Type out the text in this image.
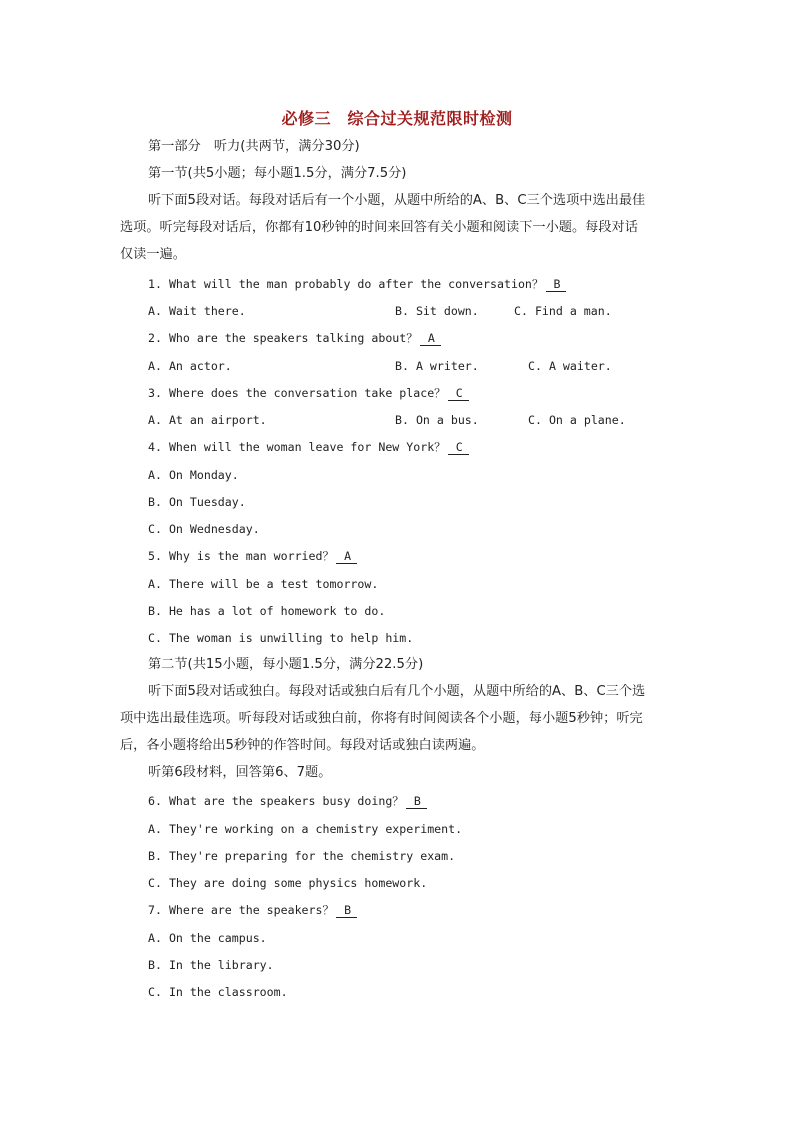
必修三　综合过关规范限时检测
第一部分　听力(共两节，满分30分)
第一节(共5小题；每小题1.5分，满分7.5分)
听下面5段对话。每段对话后有一个小题，从题中所给的A、B、C三个选项中选出最佳
选项。听完每段对话后，你都有10秒钟的时间来回答有关小题和阅读下一小题。每段对话
仅读一遍。
1. What will the man probably do after the conversation？ B
A. Wait there.	B. Sit down.	C. Find a man.
2. Who are the speakers talking about？ A
A. An actor.	B. A writer.	C. A waiter.
3. Where does the conversation take place？ C
A. At an airport.	B. On a bus.	C. On a plane.
4. When will the woman leave for New York？ C
A. On Monday.
B. On Tuesday.
C. On Wednesday.
5. Why is the man worried？ A
A. There will be a test tomorrow.
B. He has a lot of homework to do.
C. The woman is unwilling to help him.
第二节(共15小题，每小题1.5分，满分22.5分)
听下面5段对话或独白。每段对话或独白后有几个小题，从题中所给的A、B、C三个选
项中选出最佳选项。听每段对话或独白前，你将有时间阅读各个小题，每小题5秒钟；听完
后，各小题将给出5秒钟的作答时间。每段对话或独白读两遍。
听第6段材料，回答第6、7题。
6. What are the speakers busy doing？ B
A. They're working on a chemistry experiment.
B. They're preparing for the chemistry exam.
C. They are doing some physics homework.
7. Where are the speakers？ B
A. On the campus.
B. In the library.
C. In the classroom.
